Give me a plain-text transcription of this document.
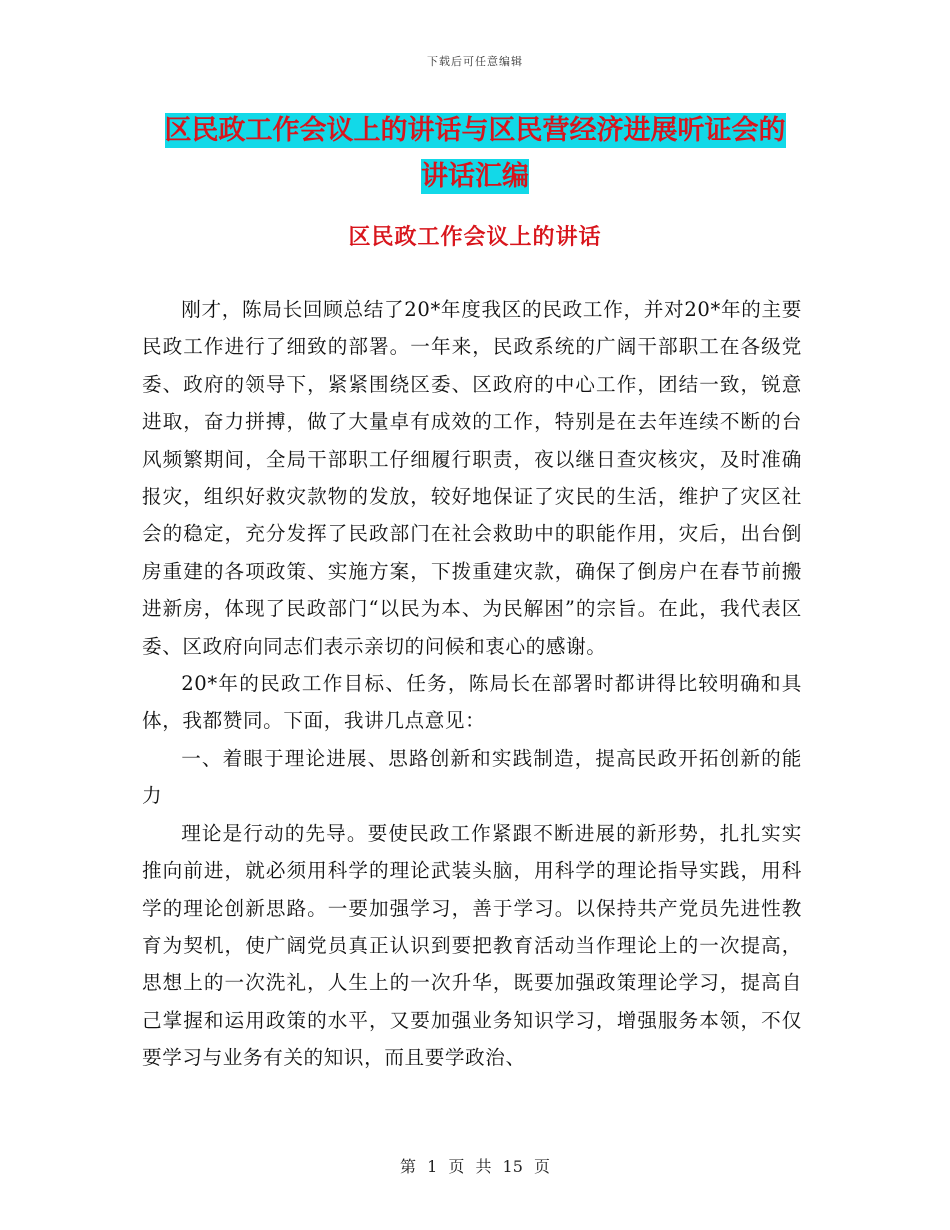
下载后可任意编辑
区民政工作会议上的讲话与区民营经济进展听证会的
讲话汇编
区民政工作会议上的讲话

刚才，陈局长回顾总结了20*年度我区的民政工作，并对20*年的主要民政工作进行了细致的部署。一年来，民政系统的广阔干部职工在各级党委、政府的领导下，紧紧围绕区委、区政府的中心工作，团结一致，锐意进取，奋力拼搏，做了大量卓有成效的工作，特别是在去年连续不断的台风频繁期间，全局干部职工仔细履行职责，夜以继日查灾核灾，及时准确报灾，组织好救灾款物的发放，较好地保证了灾民的生活，维护了灾区社会的稳定，充分发挥了民政部门在社会救助中的职能作用，灾后，出台倒房重建的各项政策、实施方案，下拨重建灾款，确保了倒房户在春节前搬进新房，体现了民政部门“以民为本、为民解困”的宗旨。在此，我代表区委、区政府向同志们表示亲切的问候和衷心的感谢。

20*年的民政工作目标、任务，陈局长在部署时都讲得比较明确和具体，我都赞同。下面，我讲几点意见：

一、着眼于理论进展、思路创新和实践制造，提高民政开拓创新的能力

理论是行动的先导。要使民政工作紧跟不断进展的新形势，扎扎实实推向前进，就必须用科学的理论武装头脑，用科学的理论指导实践，用科学的理论创新思路。一要加强学习，善于学习。以保持共产党员先进性教育为契机，使广阔党员真正认识到要把教育活动当作理论上的一次提高，思想上的一次洗礼，人生上的一次升华，既要加强政策理论学习，提高自己掌握和运用政策的水平，又要加强业务知识学习，增强服务本领，不仅要学习与业务有关的知识，而且要学政治、

第 1 页 共 15 页
